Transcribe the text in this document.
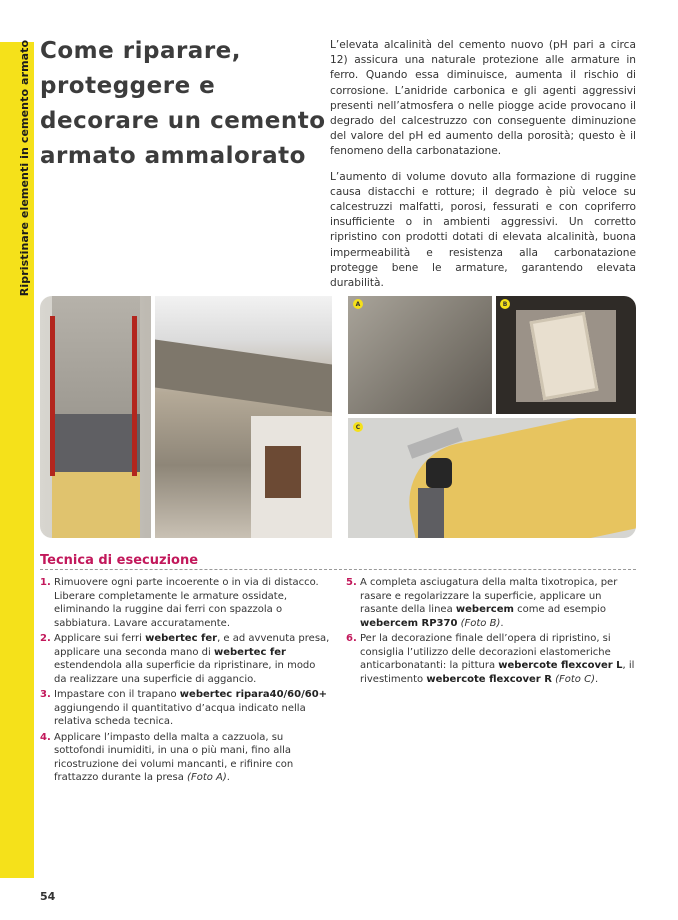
Ripristinare elementi in cemento armato Come riparare, proteggere e decorare un cemento armato ammalorato

L’elevata alcalinità del cemento nuovo (pH pari a circa 12) assicura una naturale protezione alle armature in ferro. Quando essa diminuisce, aumenta il rischio di corrosione. L’anidride carbonica e gli agenti aggressivi presenti nell’atmosfera o nelle piogge acide provocano il degrado del calcestruzzo con conseguente diminuzione del valore del pH ed aumento della porosità; questo è il fenomeno della carbonatazione.

L’aumento di volume dovuto alla formazione di ruggine causa distacchi e rotture; il degrado è più veloce su calcestruzzi malfatti, porosi, fessurati e con copriferro insufficiente o in ambienti aggressivi. Un corretto ripristino con prodotti dotati di elevata alcalinità, buona impermeabilità e resistenza alla carbonatazione protegge bene le armature, garantendo elevata durabilità.

A	B
C
Tecnica di esecuzione
1. Rimuovere ogni parte incoerente o in via di distacco. Liberare completamente le armature ossidate, eliminando la ruggine dai ferri con spazzola o sabbiatura. Lavare accuratamente.
2. Applicare sui ferri webertec fer, e ad avvenuta presa, applicare una seconda mano di webertec fer estendendola alla superficie da ripristinare, in modo da realizzare una superficie di aggancio.
3. Impastare con il trapano webertec ripara40/60/60+ aggiungendo il quantitativo d’acqua indicato nella relativa scheda tecnica.
4. Applicare l’impasto della malta a cazzuola, su sottofondi inumiditi, in una o più mani, fino alla ricostruzione dei volumi mancanti, e rifinire con frattazzo durante la presa (Foto A).
5. A completa asciugatura della malta tixotropica, per rasare e regolarizzare la superficie, applicare un rasante della linea webercem come ad esempio webercem RP370 (Foto B).
6. Per la decorazione finale dell’opera di ripristino, si consiglia l’utilizzo delle decorazioni elastomeriche anticarbonatanti: la pittura webercote flexcover L, il rivestimento webercote flexcover R (Foto C).
54
